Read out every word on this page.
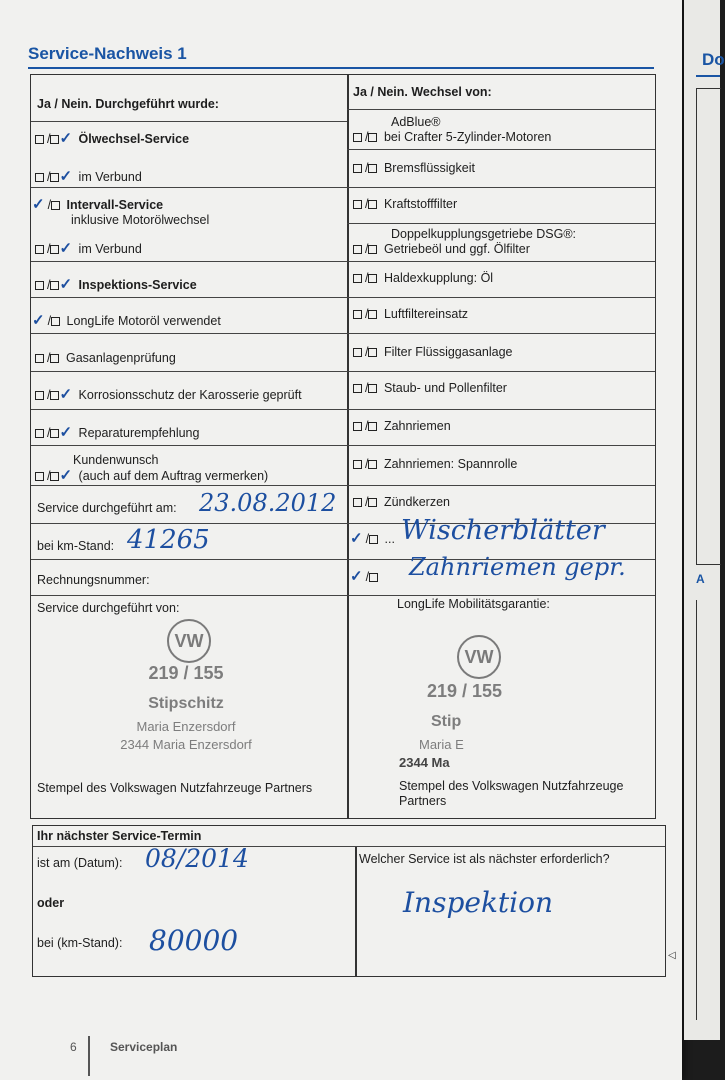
Service-Nachweis 1
Ja / Nein. Durchgeführt wurde:
Ja / Nein. Wechsel von:
/ ✓ Ölwechsel-Service
/ ✓ im Verbund
✓ / Intervall-Service
inklusive Motorölwechsel
/ ✓ im Verbund
/ ✓ Inspektions-Service
✓ / LongLife Motoröl verwendet
/ Gasanlagenprüfung
/ ✓ Korrosionsschutz der Karosserie geprüft
/ ✓ Reparaturempfehlung
Kundenwunsch
/ ✓ (auch auf dem Auftrag vermerken)
AdBlue®
/ bei Crafter 5-Zylinder-Motoren
/ Bremsflüssigkeit
/ Kraftstofffilter
Doppelkupplungsgetriebe DSG®:
/ Getriebeöl und ggf. Ölfilter
/ Haldexkupplung: Öl
/ Luftfiltereinsatz
/ Filter Flüssiggasanlage
/ Staub- und Pollenfilter
/ Zahnriemen
/ Zahnriemen: Spannrolle
/ Zündkerzen
✓ / ... Wischerblätter
✓ /	Zahnriemen gepr.
Service durchgeführt am: 23.08.2012
bei km-Stand: 41265
Rechnungsnummer:
Service durchgeführt von:	LongLife Mobilitätsgarantie:
VW
219 / 155
Stipschitz
Maria Enzersdorf
2344 Maria Enzersdorf
VW
219 / 155
Stip
Maria E
2344 Ma
Stempel des Volkswagen Nutzfahrzeuge Partners	Stempel des Volkswagen Nutzfahrzeuge
Partners
Ihr nächster Service-Termin
ist am (Datum): 08/2014
oder
bei (km-Stand): 80000
Welcher Service ist als nächster erforderlich?
Inspektion
◁
6	Serviceplan
Do
A
